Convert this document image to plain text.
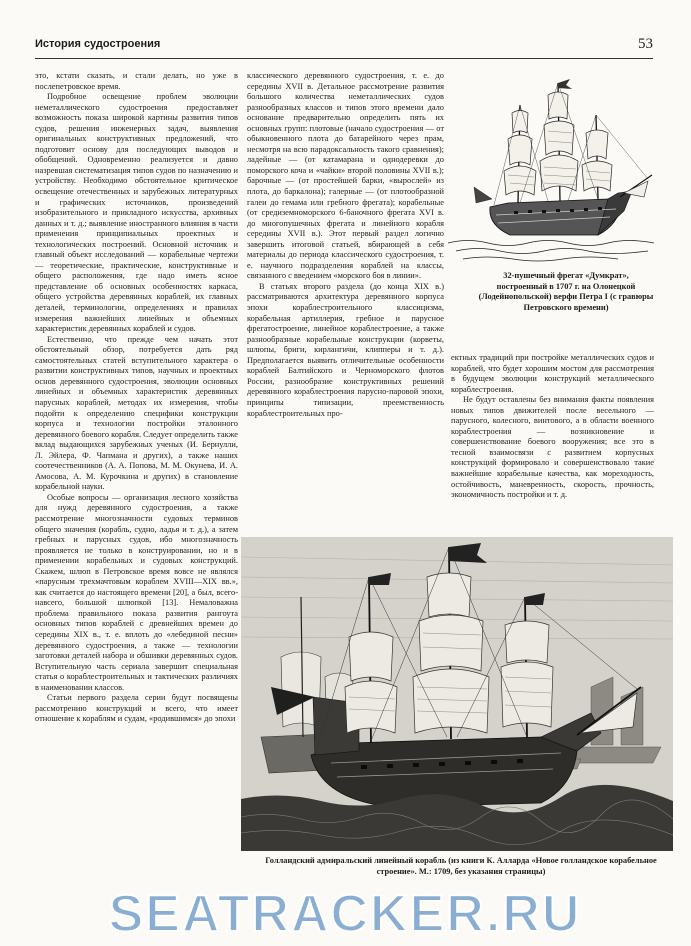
История судостроения	53

это, кстати сказать, и стали делать, но уже в послепетровское время.

Подробное освещение проблем эволюции неметаллического судостроения предоставляет возможность показа широкой картины развития типов судов, решения инженерных задач, выявления оригинальных конструктивных предложений, что подготовит основу для последующих выводов и обобщений. Одновременно реализуется и давно назревшая систематизация типов судов по назначению и устройству. Необходимо обстоятельное критическое освещение отечественных и зарубежных литературных и графических источников, произведений изобразительного и прикладного искусства, архивных данных и т. д.; выявление иностранного влияния в части применения принципиальных проектных и технологических построений. Основной источник и главный объект исследований — корабельные чертежи — теоретические, практические, конструктивные и общего расположения, где надо иметь ясное представление об основных особенностях каркаса, общего устройства деревянных кораблей, их главных деталей, терминологии, определениях и правилах измерения важнейших линейных и объемных характеристик деревянных кораблей и судов.

Естественно, что прежде чем начать этот обстоятельный обзор, потребуется дать ряд самостоятельных статей вступительного характера о развитии конструктивных типов, научных и проектных основ деревянного судостроения, эволюции основных линейных и объемных характеристик деревянных парусных кораблей, методах их измерения, чтобы подойти к определению специфики конструкции корпуса и технологии постройки эталонного деревянного боевого корабля. Следует определить также вклад выдающихся зарубежных ученых (И. Бернулли, Л. Эйлера, Ф. Чапмана и других), а также наших соотечественников (А. А. Попова, М. М. Окунева, И. А. Амосова, А. М. Курочкина и других) в становление корабельной науки.

Особые вопросы — организация лесного хозяйства для нужд деревянного судостроения, а также рассмотрение многозначности судовых терминов общего значения (корабль, судно, ладья и т. д.), а затем гребных и парусных судов, ибо многозначность проявляется не только в конструировании, но и в применении корабельных и судовых конструкций. Скажем, шлюп в Петровское время вовсе не являлся «парусным трехмачтовым кораблем XVIII—XIX вв.», как считается до настоящего времени [20], а был, всего-навсего, большой шлюпкой [13]. Немаловажна проблема правильного показа развития рангоута основных типов кораблей с древнейших времен до середины XIX в., т. е. вплоть до «лебединой песни» деревянного судостроения, а также — технологии заготовки деталей набора и обшивки деревянных судов. Вступительную часть сериала завершит специальная статья о кораблестроительных и тактических различиях в наименовании классов.

Статьи первого раздела серии будут посвящены рассмотрению конструкций и всего, что имеет отношение к кораблям и судам, «родившимся» до эпохи

классического деревянного судостроения, т. е. до середины XVII в. Детальное рассмотрение развития большого количества неметаллических судов разнообразных классов и типов этого времени дало основание предварительно определить пять их основных групп: плотовые (начало судостроения — от обыкновенного плота до батарейного через прам, несмотря на всю парадоксальность такого сравнения); ладейные — (от катамарана и однодеревки до поморского коча и «чайки» второй половины XVII в.); барочные — (от простейшей барки, «вырослей» из плота, до баркалона); галерные — (от плотообразной галеи до гемама или гребного фрегата); корабельные (от средиземноморского 6-баночного фрегата XVI в. до многопушечных фрегата и линейного корабля середины XVII в.). Этот первый раздел логично завершить итоговой статьей, вбирающей в себя материалы до периода классического судостроения, т. е. научного подразделения кораблей на классы, связанного с введением «морского боя в линии».

В статьях второго раздела (до конца XIX в.) рассматриваются архитектура деревянного корпуса эпохи кораблестроительного классицизма, корабельная артиллерия, гребное и парусное фрегатостроение, линейное кораблестроение, а также разнообразные корабельные конструкции (корветы, шлюпы, бриги, кирлангичи, клипперы и т. д.). Предполагается выявить отличительные особенности кораблей Балтийского и Черноморского флотов России, разнообразие конструктивных решений деревянного кораблестроения парусно-паровой эпохи, принципы типизации, преемственность кораблестроительных про-

ектных традиций при постройке металлических судов и кораблей, что будет хорошим мостом для рассмотрения в будущем эволюции конструкций металлического кораблестроения.

Не будут оставлены без внимания факты появления новых типов движителей после весельного — парусного, колесного, винтового, а в области военного кораблестроения — возникновение и совершенствование боевого вооружения; все это в тесной взаимосвязи с развитием корпусных конструкций формировало и совершенствовало такие важнейшие корабельные качества, как мореходность, остойчивость, маневренность, скорость, прочность, экономичность постройки и т. д.

32-пушечный фрегат «Думкрат», построенный в 1707 г. на Олонецкой (Лодейнопольской) верфи Петра I (с гравюры Петровского времени)
Голландский адмиральский линейный корабль (из книги К. Алларда «Новое голландское корабельное строение». М.: 1709, без указания страницы)
SEATRACKER.RU
